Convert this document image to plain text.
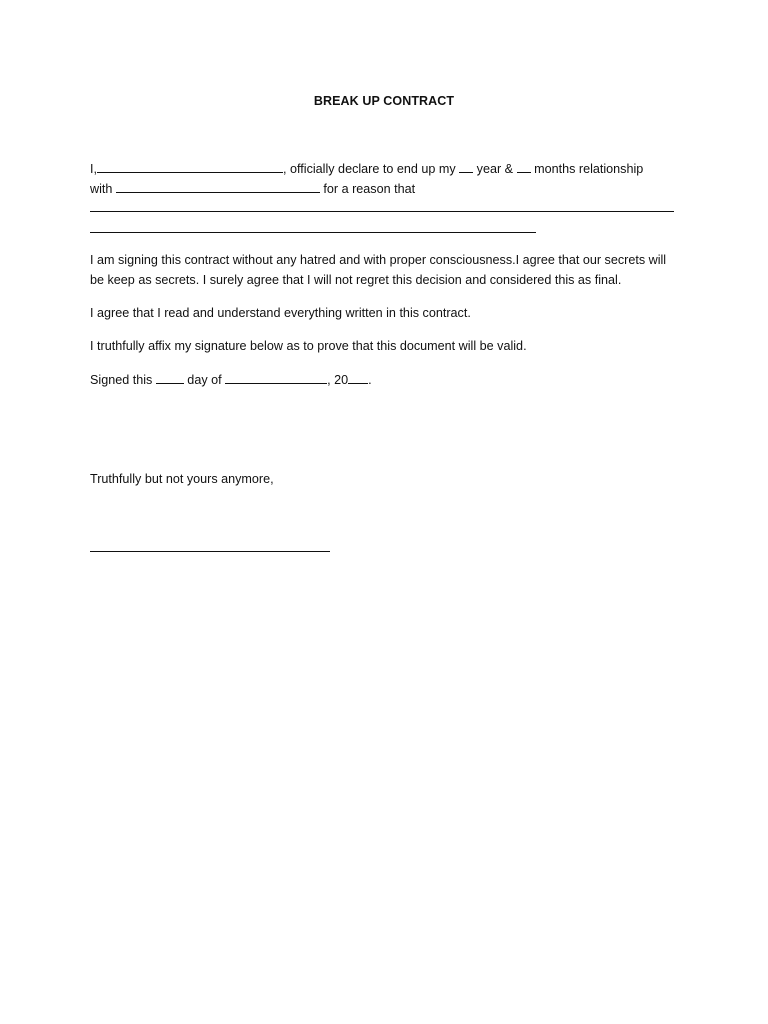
BREAK UP CONTRACT
I,	, officially declare to end up my  year &  months relationship
with	for a reason that
I am signing this contract without any hatred and with proper consciousness.I agree that our secrets will
be keep as secrets. I surely agree that I will not regret this decision and considered this as final.
I agree that I read and understand everything written in this contract.
I truthfully affix my signature below as to prove that this document will be valid.
Signed this  day of	, 20 .
Truthfully but not yours anymore,
